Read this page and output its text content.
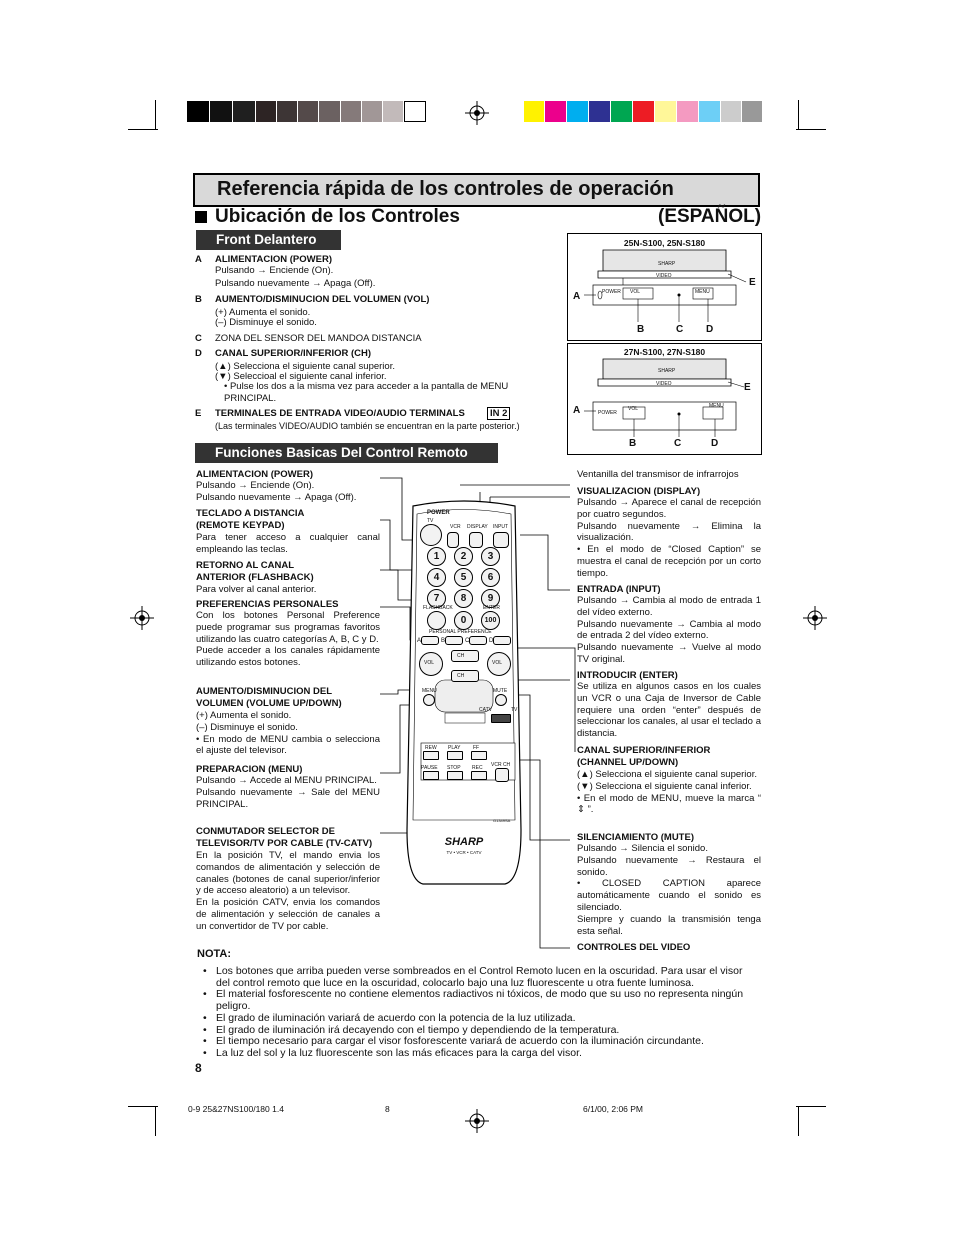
Referencia rápida de los controles de operación
Ubicación de los Controles	(ESPAÑOL)
Front Delantero
A ALIMENTACION (POWER)
Pulsando → Enciende (On).
Pulsando nuevamente → Apaga (Off).
B AUMENTO/DISMINUCION DEL VOLUMEN (VOL)
(+) Aumenta el sonido.
(–) Disminuye el sonido.
C ZONA DEL SENSOR DEL MANDOA DISTANCIA
D CANAL SUPERIOR/INFERIOR (CH)
(▲) Selecciona el siguiente canal superior.
(▼) Seleccioal el siguiente canal inferior.
• Pulse los dos a la misma vez para acceder a la pantalla de MENU PRINCIPAL.
E TERMINALES DE ENTRADA VIDEO/AUDIO TERMINALS	IN 2
(Las terminales VIDEO/AUDIO también se encuentran en la parte posterior.)
25N-S100, 25N-S180
POWER VOL
VIDEO
SHARP
MENU
A
B	C D
E
27N-S100, 27N-S180
POWER
VOL
VIDEO
SHARP
MENU
A
B	C	D
E
Funciones Basicas Del Control Remoto
ALIMENTACION (POWER)
Pulsando → Enciende (On).
Pulsando nuevamente → Apaga (Off).
TECLADO A DISTANCIA (REMOTE KEYPAD)
Para tener acceso a cualquier canal empleando las teclas.
RETORNO AL CANAL ANTERIOR (FLASHBACK)
Para volver al canal anterior.
PREFERENCIAS PERSONALES
Con los botones Personal Preference puede programar sus programas favoritos utilizando las cuatro categorías A, B, C y D.
Puede acceder a los canales rápidamente utilizando estos botones.
AUMENTO/DISMINUCION DEL VOLUMEN (VOLUME UP/DOWN)
(+) Aumenta el sonido.
(–) Disminuye el sonido.
• En modo de MENU cambia o selecciona el ajuste del televisor.
PREPARACION (MENU)
Pulsando → Accede al MENU PRINCIPAL.
Pulsando nuevamente → Sale del MENU PRINCIPAL.
CONMUTADOR SELECTOR DE TELEVISOR/TV POR CABLE (TV-CATV)
En la posición TV, el mando envia los comandos de alimentación y selección de canales (botones de canal superior/inferior y de acceso aleatorio) a un televisor.
En la posición CATV, envia los comandos de alimentación y selección de canales a un convertidor de TV por cable.
Ventanilla del transmisor de infrarrojos
VISUALIZACION (DISPLAY)
Pulsando → Aparece el canal de recepción por cuatro segundos.
Pulsando nuevamente → Elimina la visualización.
• En el modo de “Closed Caption” se muestra el canal de recepción por un corto tiempo.
ENTRADA (INPUT)
Pulsando → Cambia al modo de entrada 1 del vídeo externo.
Pulsando nuevamente → Cambia al modo de entrada 2 del vídeo externo.
Pulsando nuevamente → Vuelve al modo TV original.
INTRODUCIR (ENTER)
Se utiliza en algunos casos en los cuales un VCR o una Caja de Inversor de Cable requiere una orden “enter” después de seleccionar los canales, al usar el teclado a distancia.
CANAL SUPERIOR/INFERIOR (CHANNEL UP/DOWN)
(▲) Selecciona el siguiente canal superior.
(▼) Selecciona el siguiente canal inferior.
• En el modo de MENU, mueve la marca “ ⇕ ”.
SILENCIAMIENTO (MUTE)
Pulsando → Silencia el sonido.
Pulsando nuevamente → Restaura el sonido.
• CLOSED CAPTION aparece automáticamente cuando el sonido es silenciado.
Siempre y cuando la transmisión tenga esta señal.
CONTROLES DEL VIDEO
POWER
TV
VCR DISPLAY INPUT
1	2	3
4	5	6
7	8	9
FLASHBACK	ENTER
0	100
PERSONAL PREFERENCE
A	B	C	D
VOL	VOL
CH
CH
MENU	MUTE
CATV	TV
REW PLAY	FF
PAUSE STOP REC VCR CH
G1349SA
SHARP
TV • VCR • CATV
NOTA:
• Los botones que arriba pueden verse sombreados en el Control Remoto lucen en la oscuridad. Para usar el visor del control remoto que luce en la oscuridad, colocarlo bajo una luz fluorescente u otra fuente luminosa.
• El material fosforescente no contiene elementos radiactivos ni tóxicos, de modo que su uso no representa ningún peligro.
• El grado de iluminación variará de acuerdo con la potencia de la luz utilizada.
• El grado de iluminación irá decayendo con el tiempo y dependiendo de la temperatura.
• El tiempo necesario para cargar el visor fosforescente variará de acuerdo con la iluminación circundante.
• La luz del sol y la luz fluorescente son las más eficaces para la carga del visor.
8
0-9 25&27NS100/180 1.4	8	6/1/00, 2:06 PM
